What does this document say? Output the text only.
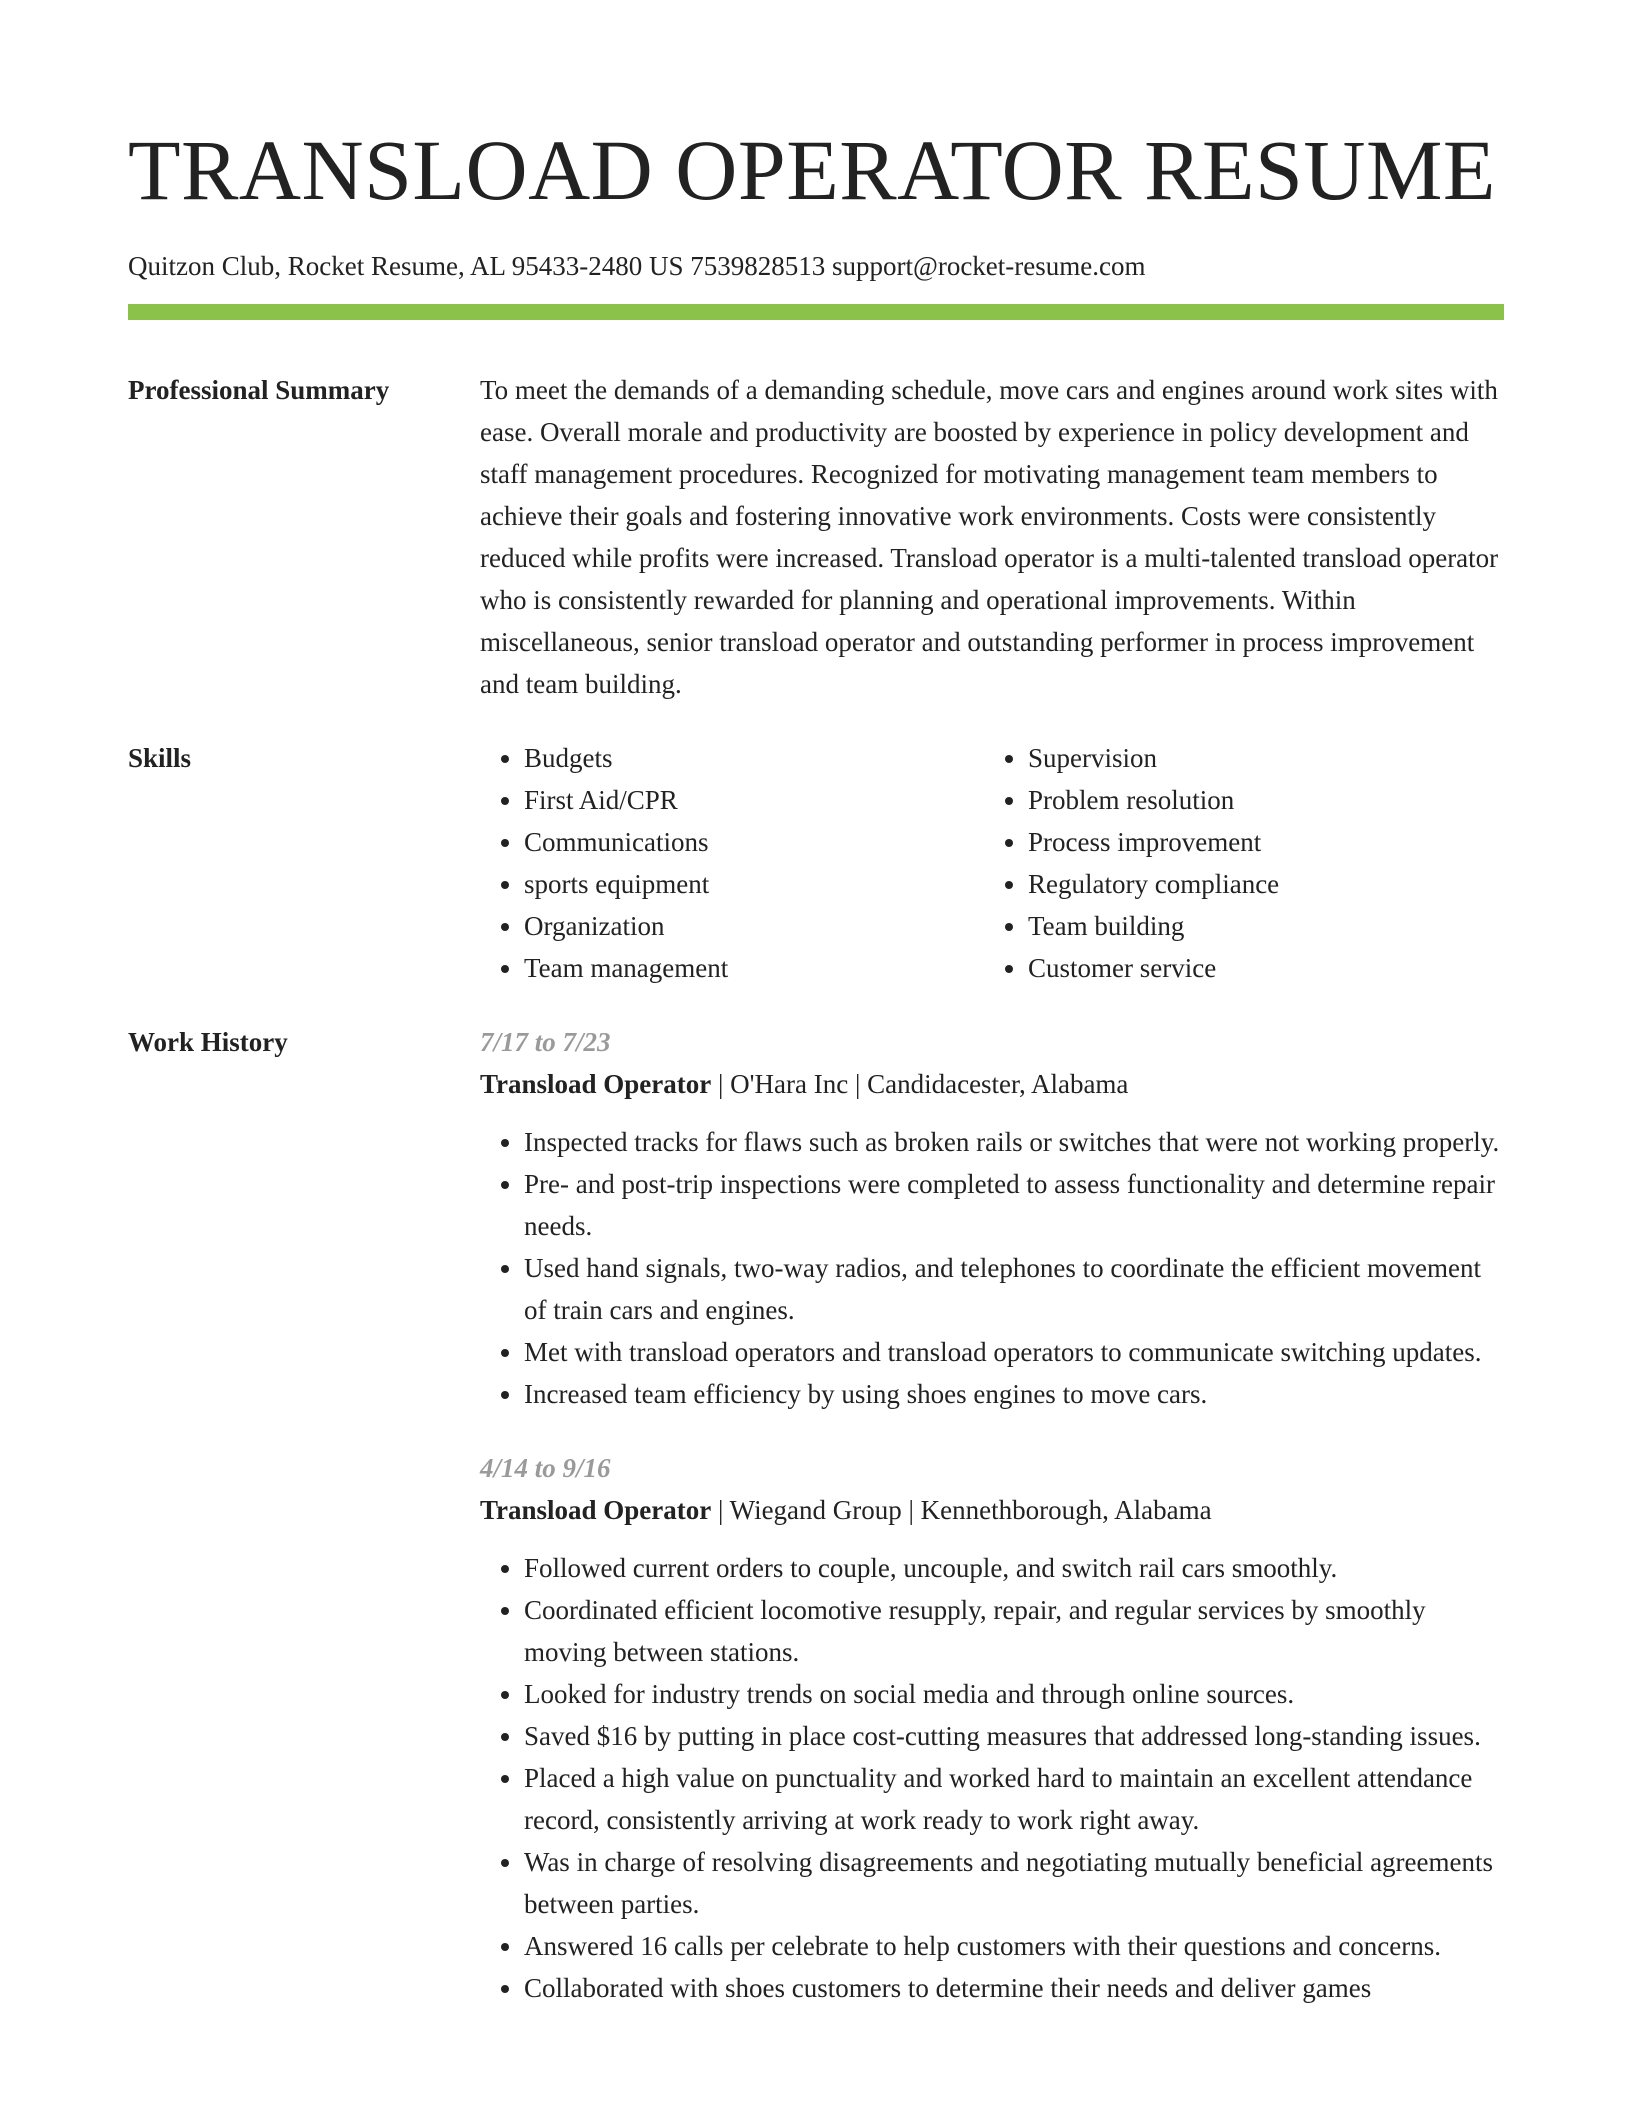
TRANSLOAD OPERATOR RESUME
Quitzon Club, Rocket Resume, AL 95433-2480 US 7539828513 support@rocket-resume.com
Professional Summary	To meet the demands of a demanding schedule, move cars and engines around work sites with ease. Overall morale and productivity are boosted by experience in policy development and staff management procedures. Recognized for motivating management team members to achieve their goals and fostering innovative work environments. Costs were consistently reduced while profits were increased. Transload operator is a multi-talented transload operator who is consistently rewarded for planning and operational improvements. Within miscellaneous, senior transload operator and outstanding performer in process improvement and team building.

Skills
•	Budgets
• First Aid/CPR
• Communications
• sports equipment
• Organization
• Team management
• Supervision
• Problem resolution
• Process improvement
• Regulatory compliance
• Team building
• Customer service
Work History	7/17 to 7/23
Transload Operator | O'Hara Inc | Candidacester, Alabama
• Inspected tracks for flaws such as broken rails or switches that were not working properly.
• Pre- and post-trip inspections were completed to assess functionality and determine repair needs.
• Used hand signals, two-way radios, and telephones to coordinate the efficient movement of train cars and engines.
• Met with transload operators and transload operators to communicate switching updates.
• Increased team efficiency by using shoes engines to move cars.
4/14 to 9/16
Transload Operator | Wiegand Group | Kennethborough, Alabama
• Followed current orders to couple, uncouple, and switch rail cars smoothly.
• Coordinated efficient locomotive resupply, repair, and regular services by smoothly moving between stations.
• Looked for industry trends on social media and through online sources.
• Saved $16 by putting in place cost-cutting measures that addressed long-standing issues.
• Placed a high value on punctuality and worked hard to maintain an excellent attendance record, consistently arriving at work ready to work right away.
• Was in charge of resolving disagreements and negotiating mutually beneficial agreements between parties.
• Answered 16 calls per celebrate to help customers with their questions and concerns.
• Collaborated with shoes customers to determine their needs and deliver games
